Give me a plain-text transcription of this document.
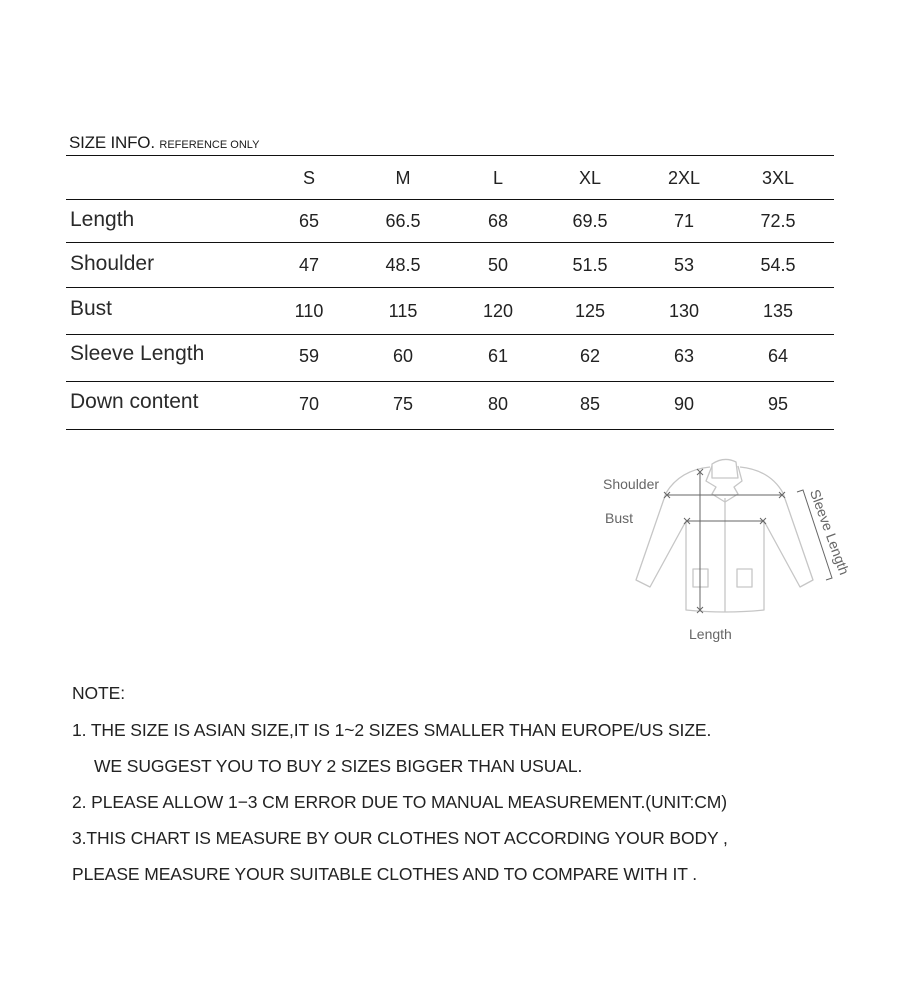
SIZE INFO. REFERENCE ONLY
S	M	L	XL	2XL	3XL
Length	65	66.5	68	69.5	71	72.5
Shoulder	47	48.5	50	51.5	53	54.5
Bust	110	115	120	125	130	135
Sleeve Length	59	60	61	62	63	64
Down content	70	75	80	85	90	95
Shoulder
Bust
Length
Sleeve Length
NOTE:
1. THE SIZE IS ASIAN SIZE,IT IS 1~2 SIZES SMALLER THAN EUROPE/US SIZE.
WE SUGGEST YOU TO BUY 2 SIZES BIGGER THAN USUAL.
2. PLEASE ALLOW 1−3 CM ERROR DUE TO MANUAL MEASUREMENT.(UNIT:CM)
3.THIS CHART IS MEASURE BY OUR CLOTHES NOT ACCORDING YOUR BODY ,
PLEASE MEASURE YOUR SUITABLE CLOTHES AND TO COMPARE WITH IT .
